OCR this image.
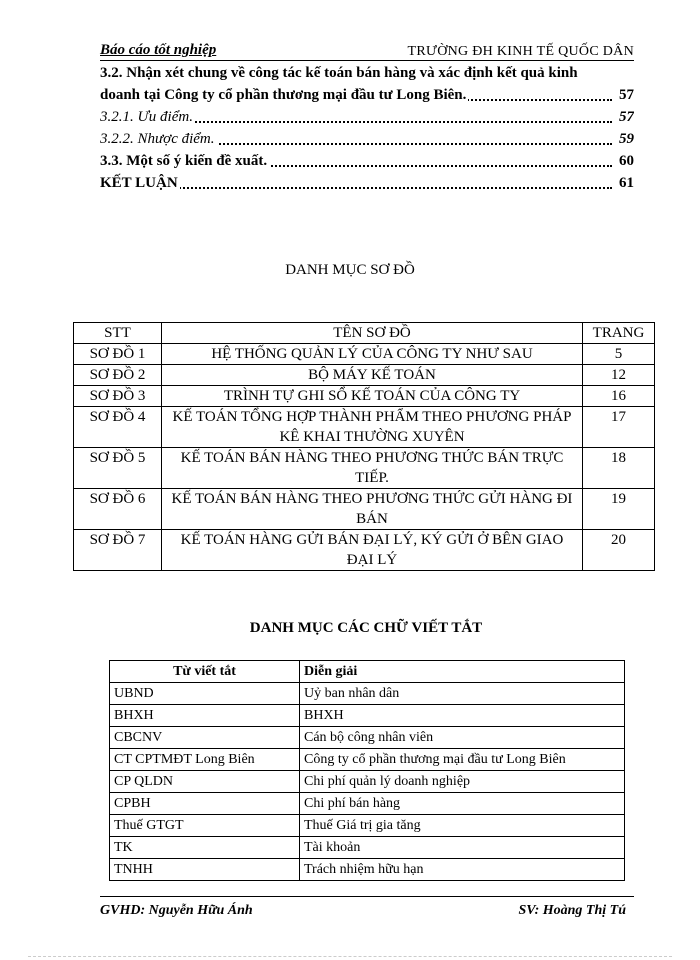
Báo cáo tốt nghiệp	TRƯỜNG ĐH KINH TẾ QUỐC DÂN
3.2. Nhận xét chung về công tác kế toán bán hàng và xác định kết quả kinh
doanh tại Công ty cổ phần thương mại đầu tư Long Biên.	57
3.2.1. Ưu điểm.	57
3.2.2. Nhược điểm.	59
3.3. Một số ý kiến đề xuất.	60
KẾT LUẬN	61
DANH MỤC SƠ ĐỒ
STT	TÊN SƠ ĐỒ	TRANG
SƠ ĐỒ 1	HỆ THỐNG QUẢN LÝ CỦA CÔNG TY NHƯ SAU	5
SƠ ĐỒ 2	BỘ MÁY KẾ TOÁN	12
SƠ ĐỒ 3	TRÌNH TỰ GHI SỔ KẾ TOÁN CỦA CÔNG TY	16
SƠ ĐỒ 4	KẾ TOÁN TỔNG HỢP THÀNH PHẨM THEO PHƯƠNG PHÁP KÊ KHAI THƯỜNG XUYÊN	17
SƠ ĐỒ 5	KẾ TOÁN BÁN HÀNG THEO PHƯƠNG THỨC BÁN TRỰC TIẾP.	18
SƠ ĐỒ 6	KẾ TOÁN BÁN HÀNG THEO PHƯƠNG THỨC GỬI HÀNG ĐI BÁN	19
SƠ ĐỒ 7	KẾ TOÁN HÀNG GỬI BÁN ĐẠI LÝ, KÝ GỬI Ở BÊN GIAO ĐẠI LÝ	20
DANH MỤC CÁC CHỮ VIẾT TẮT
Từ viết tắt	Diễn giải
UBND	Uỷ ban nhân dân
BHXH	BHXH
CBCNV	Cán bộ công nhân viên
CT CPTMĐT Long Biên	Công ty cổ phần thương mại đầu tư Long Biên
CP QLDN	Chi phí quản lý doanh nghiệp
CPBH	Chi phí bán hàng
Thuế GTGT	Thuế Giá trị gia tăng
TK	Tài khoản
TNHH	Trách nhiệm hữu hạn
GVHD: Nguyễn Hữu Ánh	SV: Hoàng Thị Tú
